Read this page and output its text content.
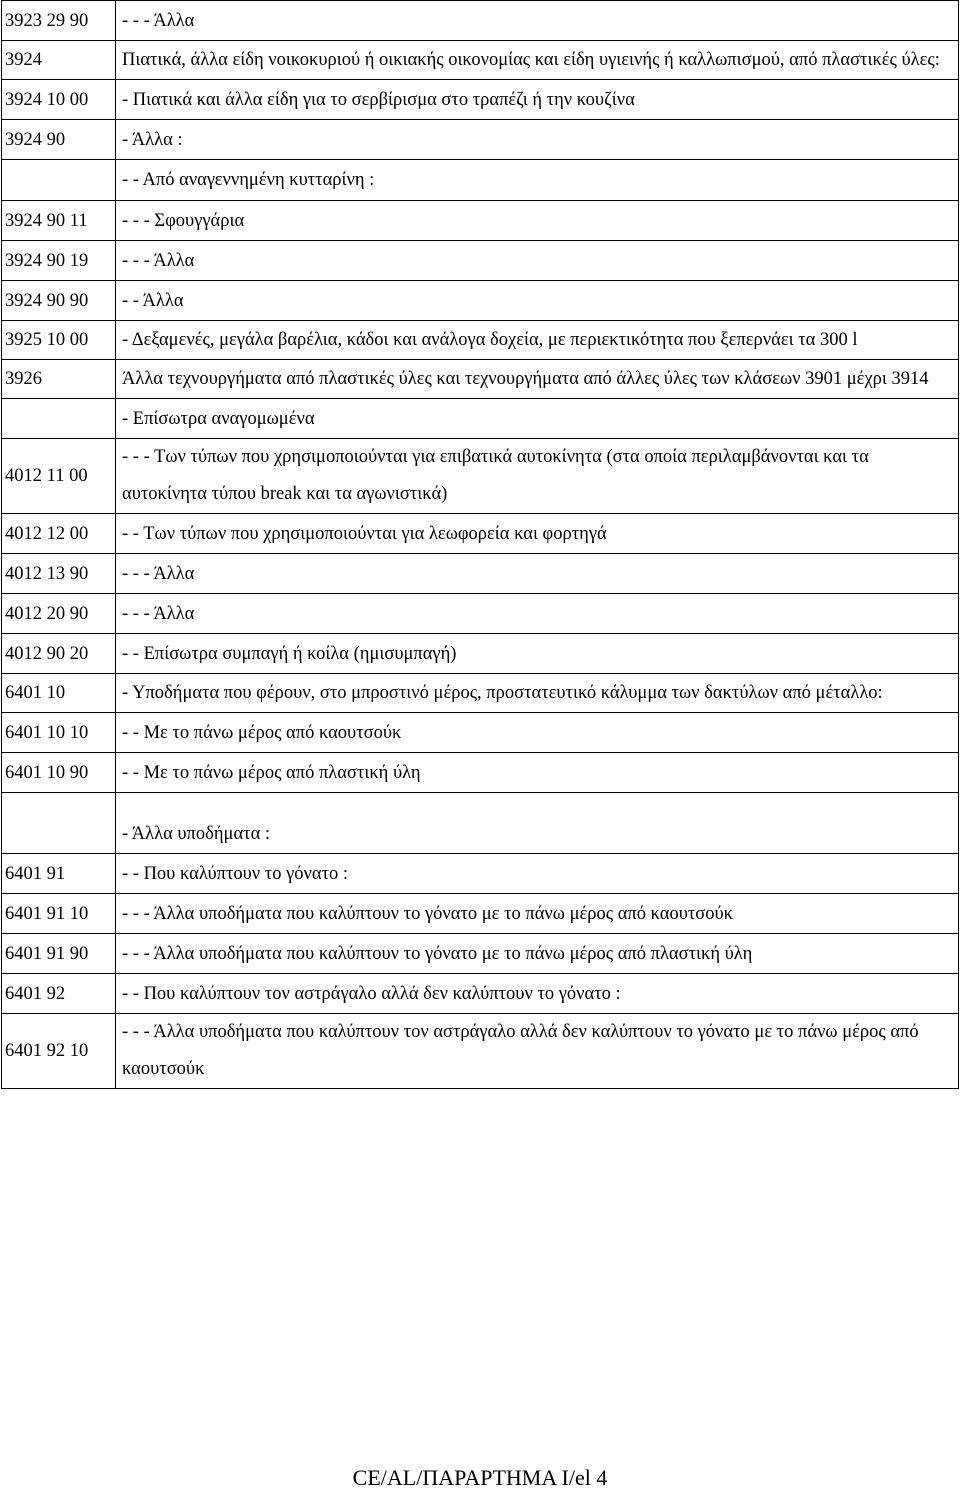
3923 29 90	- - - Άλλα
3924	Πιατικά, άλλα είδη νοικοκυριού ή οικιακής οικονομίας και είδη υγιεινής ή καλλωπισμού, από πλαστικές ύλες:
3924 10 00	- Πιατικά και άλλα είδη για το σερβίρισμα στο τραπέζι ή την κουζίνα
3924 90	- Άλλα :
	- - Από αναγεννημένη κυτταρίνη :
3924 90 11	- - - Σφουγγάρια
3924 90 19	- - - Άλλα
3924 90 90	- - Άλλα
3925 10 00	- Δεξαμενές, μεγάλα βαρέλια, κάδοι και ανάλογα δοχεία, με περιεκτικότητα που ξεπερνάει τα 300 l
3926	Άλλα τεχνουργήματα από πλαστικές ύλες και τεχνουργήματα από άλλες ύλες των κλάσεων 3901 μέχρι 3914
	- Επίσωτρα αναγομωμένα
4012 11 00	- - - Των τύπων που χρησιμοποιούνται για επιβατικά αυτοκίνητα (στα οποία περιλαμβάνονται και τα αυτοκίνητα τύπου break και τα αγωνιστικά)
4012 12 00	- - Των τύπων που χρησιμοποιούνται για λεωφορεία και φορτηγά
4012 13 90	- - - Άλλα
4012 20 90	- - - Άλλα
4012 90 20	- - Επίσωτρα συμπαγή ή κοίλα (ημισυμπαγή)
6401 10	- Υποδήματα που φέρουν, στο μπροστινό μέρος, προστατευτικό κάλυμμα των δακτύλων από μέταλλο:
6401 10 10	- - Με το πάνω μέρος από καουτσούκ
6401 10 90	- - Με το πάνω μέρος από πλαστική ύλη
	- Άλλα υποδήματα :
6401 91	- - Που καλύπτουν το γόνατο :
6401 91 10	- - - Άλλα υποδήματα που καλύπτουν το γόνατο με το πάνω μέρος από καουτσούκ
6401 91 90	- - - Άλλα υποδήματα που καλύπτουν το γόνατο με το πάνω μέρος από πλαστική ύλη
6401 92	- - Που καλύπτουν τον αστράγαλο αλλά δεν καλύπτουν το γόνατο :
6401 92 10	- - - Άλλα υποδήματα που καλύπτουν τον αστράγαλο αλλά δεν καλύπτουν το γόνατο με το πάνω μέρος από καουτσούκ
CE/AL/ΠΑΡΑΡΤΗΜΑ I/el 4
